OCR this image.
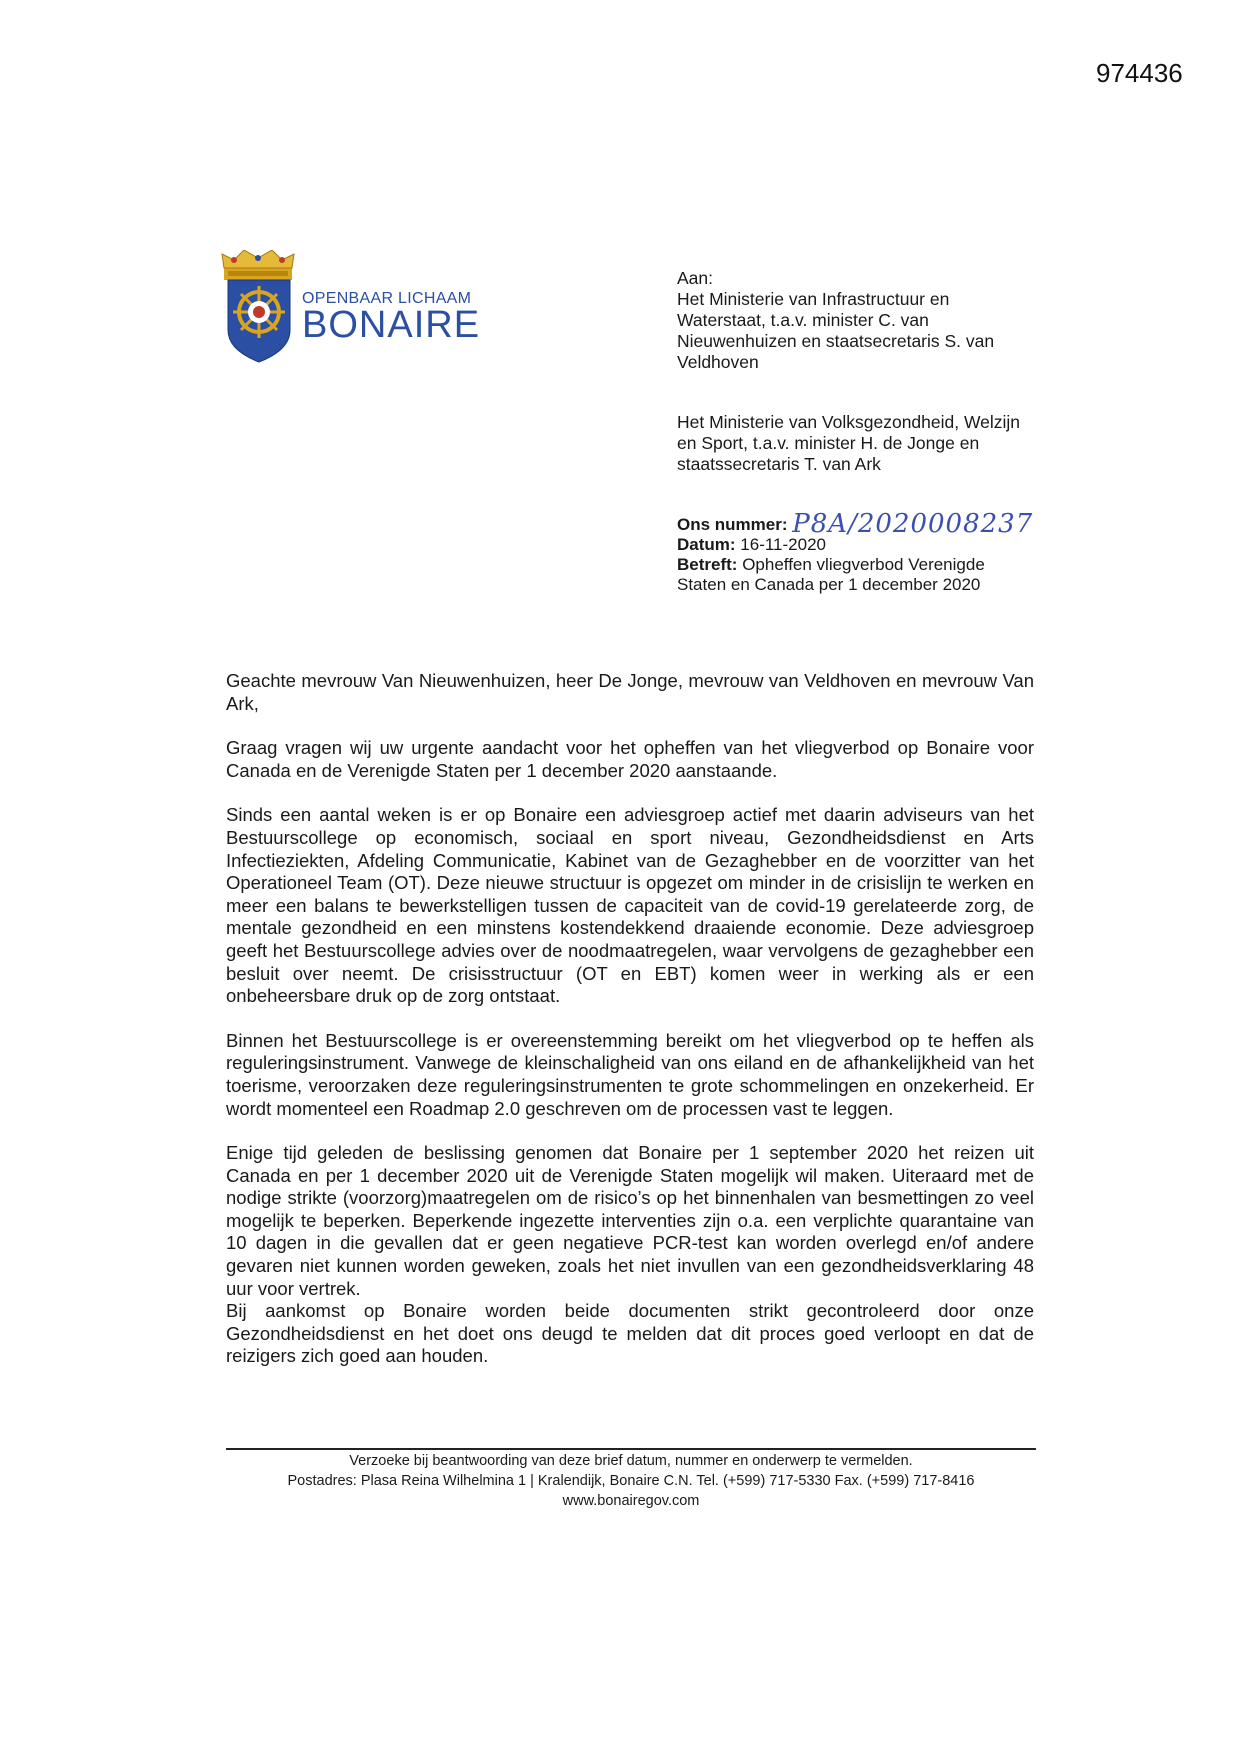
974436
OPENBAAR LICHAAM
BONAIRE
Aan:
Het Ministerie van Infrastructuur en
Waterstaat, t.a.v. minister C. van
Nieuwenhuizen en staatsecretaris S. van
Veldhoven
Het Ministerie van Volksgezondheid, Welzijn
en Sport, t.a.v. minister H. de Jonge en
staatssecretaris T. van Ark
Ons nummer: P8A/2020008237
Datum: 16-11-2020
Betreft: Opheffen vliegverbod Verenigde
Staten en Canada per 1 december 2020

Geachte mevrouw Van Nieuwenhuizen, heer De Jonge, mevrouw van Veldhoven en mevrouw Van Ark,

Graag vragen wij uw urgente aandacht voor het opheffen van het vliegverbod op Bonaire voor Canada en de Verenigde Staten per 1 december 2020 aanstaande.

Sinds een aantal weken is er op Bonaire een adviesgroep actief met daarin adviseurs van het Bestuurscollege op economisch, sociaal en sport niveau, Gezondheidsdienst en Arts Infectieziekten, Afdeling Communicatie, Kabinet van de Gezaghebber en de voorzitter van het Operationeel Team (OT). Deze nieuwe structuur is opgezet om minder in de crisislijn te werken en meer een balans te bewerkstelligen tussen de capaciteit van de covid-19 gerelateerde zorg, de mentale gezondheid en een minstens kostendekkend draaiende economie. Deze adviesgroep geeft het Bestuurscollege advies over de noodmaatregelen, waar vervolgens de gezaghebber een besluit over neemt. De crisisstructuur (OT en EBT) komen weer in werking als er een onbeheersbare druk op de zorg ontstaat.

Binnen het Bestuurscollege is er overeenstemming bereikt om het vliegverbod op te heffen als reguleringsinstrument. Vanwege de kleinschaligheid van ons eiland en de afhankelijkheid van het toerisme, veroorzaken deze reguleringsinstrumenten te grote schommelingen en onzekerheid. Er wordt momenteel een Roadmap 2.0 geschreven om de processen vast te leggen.

Enige tijd geleden de beslissing genomen dat Bonaire per 1 september 2020 het reizen uit Canada en per 1 december 2020 uit de Verenigde Staten mogelijk wil maken. Uiteraard met de nodige strikte (voorzorg)maatregelen om de risico’s op het binnenhalen van besmettingen zo veel mogelijk te beperken. Beperkende ingezette interventies zijn o.a. een verplichte quarantaine van 10 dagen in die gevallen dat er geen negatieve PCR-test kan worden overlegd en/of andere gevaren niet kunnen worden geweken, zoals het niet invullen van een gezondheidsverklaring 48 uur voor vertrek.

Bij aankomst op Bonaire worden beide documenten strikt gecontroleerd door onze Gezondheidsdienst en het doet ons deugd te melden dat dit proces goed verloopt en dat de reizigers zich goed aan houden.

Verzoeke bij beantwoording van deze brief datum, nummer en onderwerp te vermelden.
Postadres: Plasa Reina Wilhelmina 1 | Kralendijk, Bonaire C.N. Tel. (+599) 717-5330 Fax. (+599) 717-8416
www.bonairegov.com
